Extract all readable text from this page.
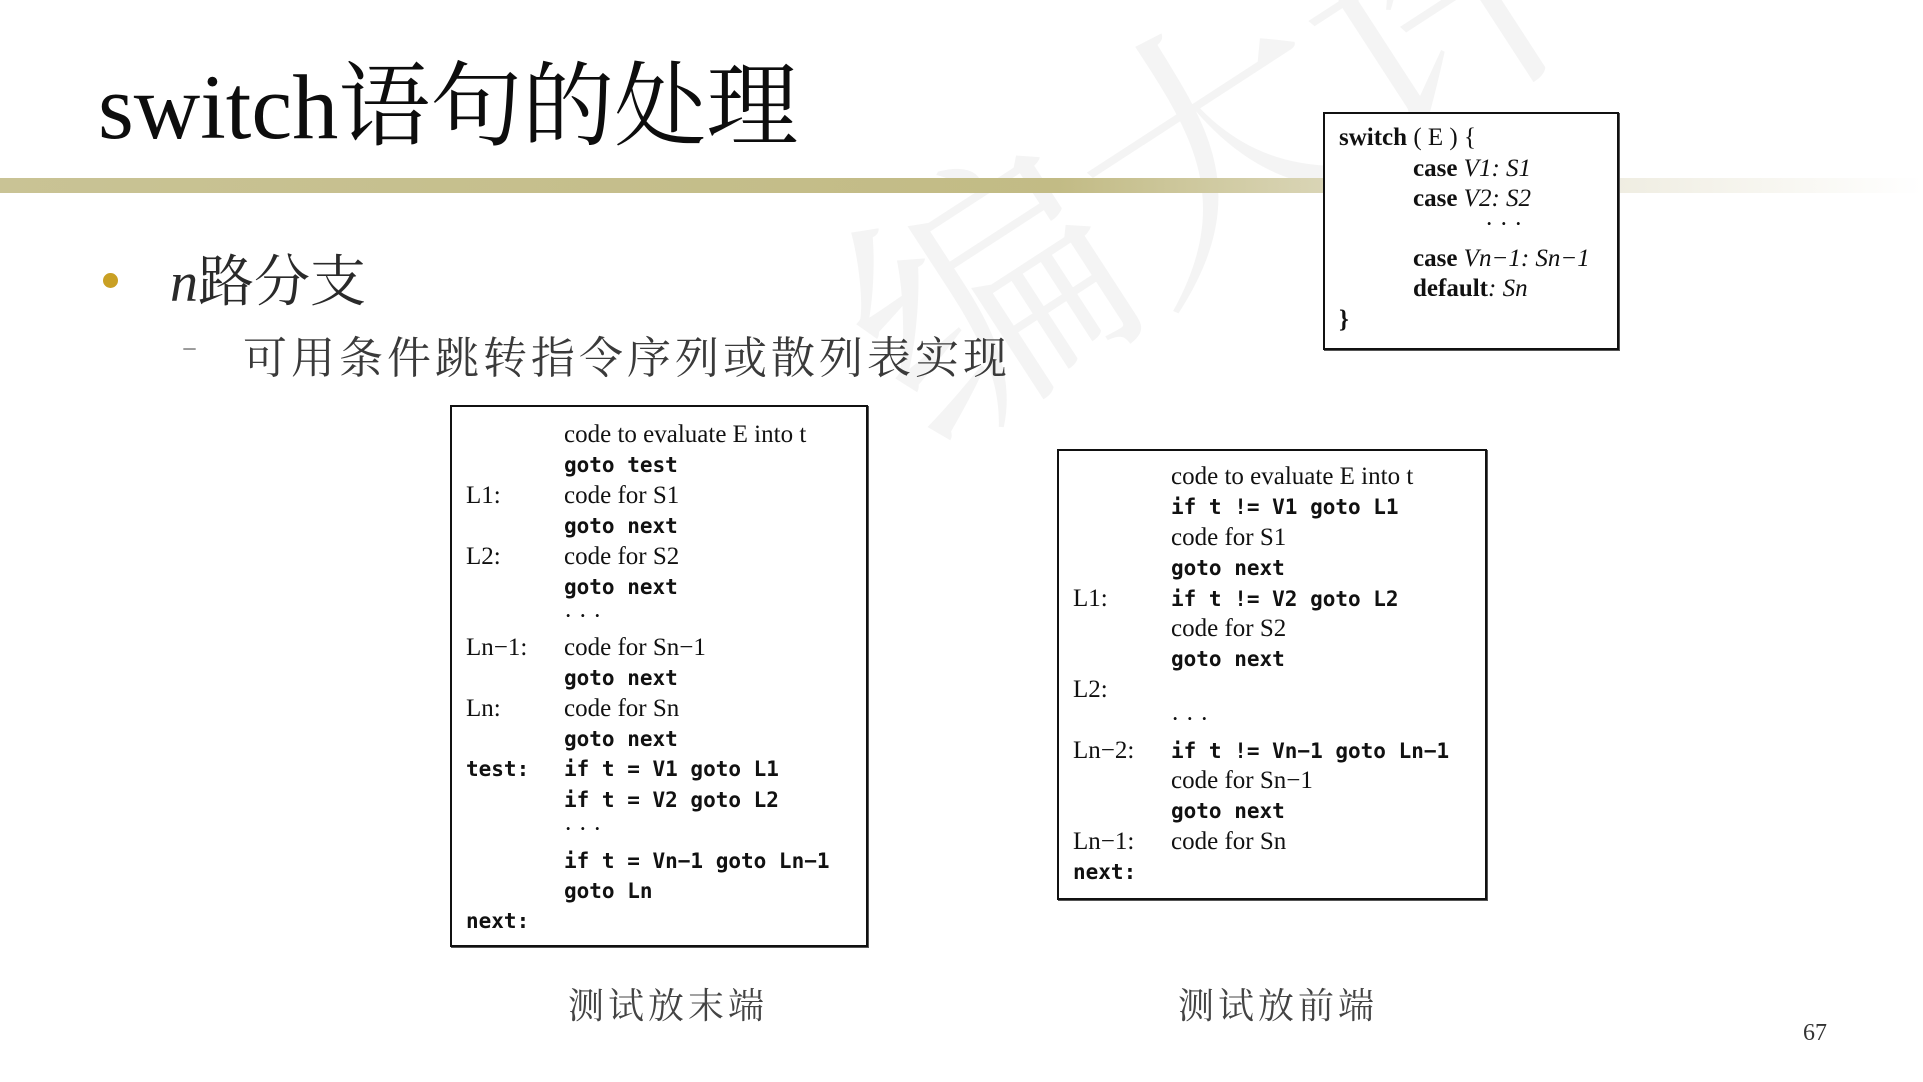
switch语句的处理
n路分支
– 可用条件跳转指令序列或散列表实现
switch ( E ) {
case V1: S1
case V2: S2
· · ·
case Vn−1: Sn−1
default: Sn
}
code to evaluate E into t
goto test
L1:	code for S1
goto next
L2:	code for S2
goto next
· · ·
Ln−1: code for Sn−1
goto next
Ln:	code for Sn
goto next
test: if t = V1 goto L1
if t = V2 goto L2
· · ·
if t = Vn−1 goto Ln−1
goto Ln
next:
code to evaluate E into t
if t != V1 goto L1
code for S1
goto next
L1:	if t != V2 goto L2
code for S2
goto next
L2:
· · ·
Ln−2: if t != Vn−1 goto Ln−1
code for Sn−1
goto next
Ln−1: code for Sn
next:
测试放末端	测试放前端
67
